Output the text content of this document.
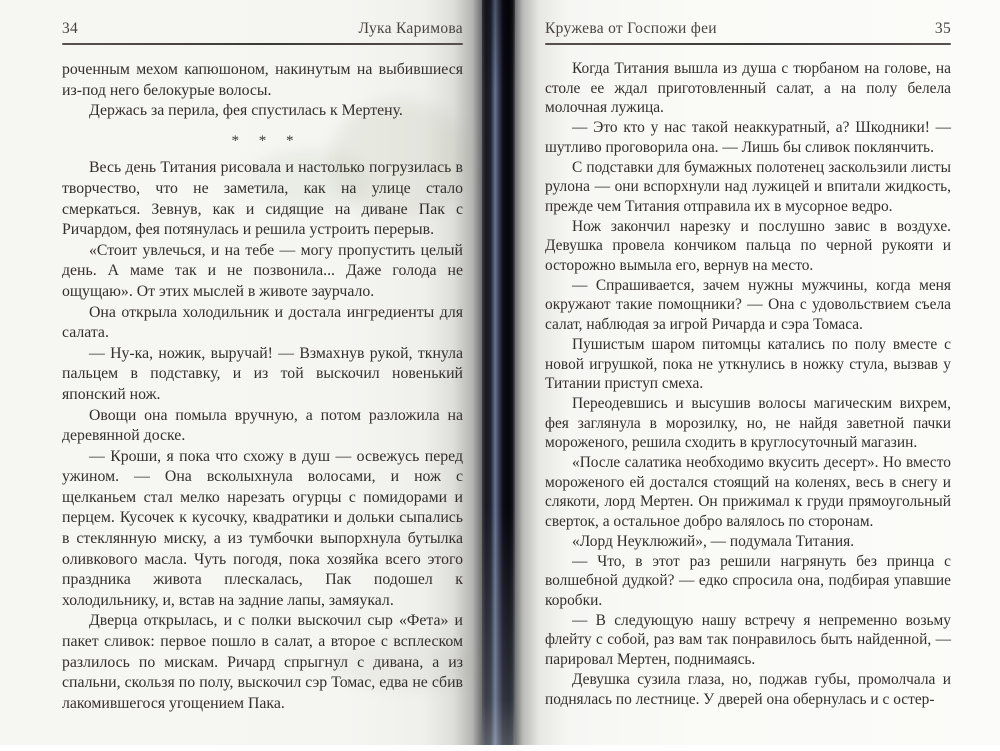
34	Лука Каримова

роченным мехом капюшоном, накинутым на выбившиеся из-под него белокурые волосы.

Держась за перила, фея спустилась к Мертену.

* * *

Весь день Титания рисовала и настолько погрузилась в творчество, что не заметила, как на улице стало смеркаться. Зевнув, как и сидящие на диване Пак с Ричардом, фея потянулась и решила устроить перерыв.

«Стоит увлечься, и на тебе — могу пропустить целый день. А маме так и не позвонила... Даже голода не ощущаю». От этих мыслей в животе заурчало.

Она открыла холодильник и достала ингредиенты для салата.

— Ну-ка, ножик, выручай! — Взмахнув рукой, ткнула пальцем в подставку, и из той выскочил новенький японский нож.

Овощи она помыла вручную, а потом разложила на деревянной доске.

— Кроши, я пока что схожу в душ — освежусь перед ужином. — Она всколыхнула волосами, и нож с щелканьем стал мелко нарезать огурцы с помидорами и перцем. Кусочек к кусочку, квадратики и дольки сыпались в стеклянную миску, а из тумбочки выпорхнула бутылка оливкового масла. Чуть погодя, пока хозяйка всего этого праздника живота плескалась, Пак подошел к холодильнику, и, встав на задние лапы, замяукал.

Дверца открылась, и с полки выскочил сыр «Фета» и пакет сливок: первое пошло в салат, а второе с всплеском разлилось по мискам. Ричард спрыгнул с дивана, а из спальни, скользя по полу, выскочил сэр Томас, едва не сбив лакомившегося угощением Пака.

Кружева от Госпожи феи	35

Когда Титания вышла из душа с тюрбаном на голове, на столе ее ждал приготовленный салат, а на полу белела молочная лужица.

— Это кто у нас такой неаккуратный, а? Шкодники! — шутливо проговорила она. — Лишь бы сливок поклянчить.

С подставки для бумажных полотенец заскользили листы рулона — они вспорхнули над лужицей и впитали жидкость, прежде чем Титания отправила их в мусорное ведро.

Нож закончил нарезку и послушно завис в воздухе. Девушка провела кончиком пальца по черной рукояти и осторожно вымыла его, вернув на место.

— Спрашивается, зачем нужны мужчины, когда меня окружают такие помощники? — Она с удовольствием съела салат, наблюдая за игрой Ричарда и сэра Томаса.

Пушистым шаром питомцы катались по полу вместе с новой игрушкой, пока не уткнулись в ножку стула, вызвав у Титании приступ смеха.

Переодевшись и высушив волосы магическим вихрем, фея заглянула в морозилку, но, не найдя заветной пачки мороженого, решила сходить в круглосуточный магазин.

«После салатика необходимо вкусить десерт». Но вместо мороженого ей достался стоящий на коленях, весь в снегу и слякоти, лорд Мертен. Он прижимал к груди прямоугольный сверток, а остальное добро валялось по сторонам.

«Лорд Неуклюжий», — подумала Титания.

— Что, в этот раз решили нагрянуть без принца с волшебной дудкой? — едко спросила она, подбирая упавшие коробки.

— В следующую нашу встречу я непременно возьму флейту с собой, раз вам так понравилось быть найденной, — парировал Мертен, поднимаясь.

Девушка сузила глаза, но, поджав губы, промолчала и поднялась по лестнице. У дверей она обернулась и с остер-
